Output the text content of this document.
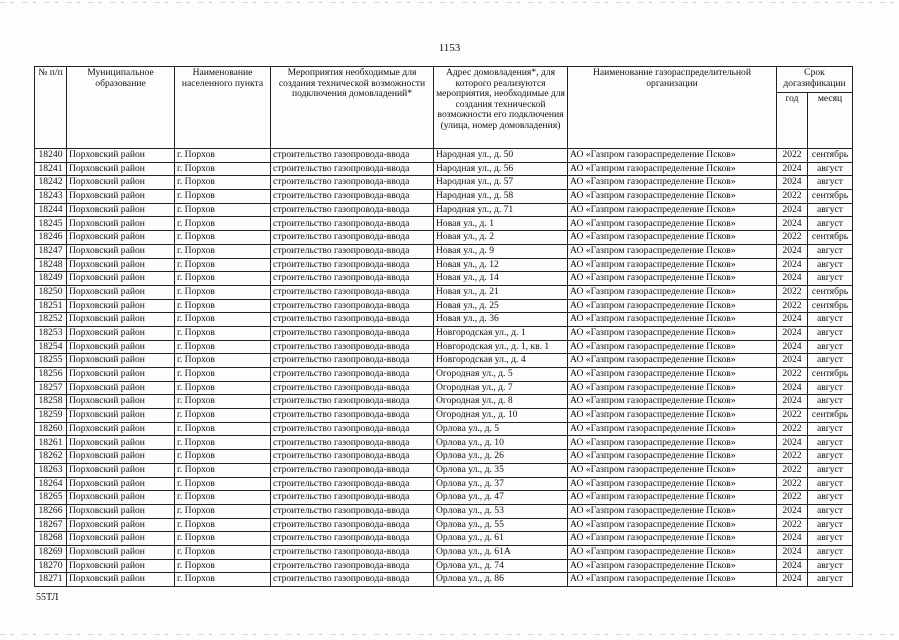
1153
№ п/п	Муниципальное образование	Наименование населенного пункта	Мероприятия необходимые для создания технической возможности подключения домовладений*	Адрес домовладения*, для которого реализуются мероприятия, необходимые для создания технической возможности его подключения (улица, номер домовладения)	Наименование газораспределительной организации	Срок догазификации	
						год	месяц
18240	Порховский район	г. Порхов	строительство газопровода-ввода	Народная ул., д. 50	АО «Газпром газораспределение Псков»	2022	сентябрь
18241	Порховский район	г. Порхов	строительство газопровода-ввода	Народная ул., д. 56	АО «Газпром газораспределение Псков»	2024	август
18242	Порховский район	г. Порхов	строительство газопровода-ввода	Народная ул., д. 57	АО «Газпром газораспределение Псков»	2024	август
18243	Порховский район	г. Порхов	строительство газопровода-ввода	Народная ул., д. 58	АО «Газпром газораспределение Псков»	2022	сентябрь
18244	Порховский район	г. Порхов	строительство газопровода-ввода	Народная ул., д. 71	АО «Газпром газораспределение Псков»	2024	август
18245	Порховский район	г. Порхов	строительство газопровода-ввода	Новая ул., д. 1	АО «Газпром газораспределение Псков»	2024	август
18246	Порховский район	г. Порхов	строительство газопровода-ввода	Новая ул., д. 2	АО «Газпром газораспределение Псков»	2022	сентябрь
18247	Порховский район	г. Порхов	строительство газопровода-ввода	Новая ул., д. 9	АО «Газпром газораспределение Псков»	2024	август
18248	Порховский район	г. Порхов	строительство газопровода-ввода	Новая ул., д. 12	АО «Газпром газораспределение Псков»	2024	август
18249	Порховский район	г. Порхов	строительство газопровода-ввода	Новая ул., д. 14	АО «Газпром газораспределение Псков»	2024	август
18250	Порховский район	г. Порхов	строительство газопровода-ввода	Новая ул., д. 21	АО «Газпром газораспределение Псков»	2022	сентябрь
18251	Порховский район	г. Порхов	строительство газопровода-ввода	Новая ул., д. 25	АО «Газпром газораспределение Псков»	2022	сентябрь
18252	Порховский район	г. Порхов	строительство газопровода-ввода	Новая ул., д. 36	АО «Газпром газораспределение Псков»	2024	август
18253	Порховский район	г. Порхов	строительство газопровода-ввода	Новгородская ул., д. 1	АО «Газпром газораспределение Псков»	2024	август
18254	Порховский район	г. Порхов	строительство газопровода-ввода	Новгородская ул., д. 1, кв. 1	АО «Газпром газораспределение Псков»	2024	август
18255	Порховский район	г. Порхов	строительство газопровода-ввода	Новгородская ул., д. 4	АО «Газпром газораспределение Псков»	2024	август
18256	Порховский район	г. Порхов	строительство газопровода-ввода	Огородная ул., д. 5	АО «Газпром газораспределение Псков»	2022	сентябрь
18257	Порховский район	г. Порхов	строительство газопровода-ввода	Огородная ул., д. 7	АО «Газпром газораспределение Псков»	2024	август
18258	Порховский район	г. Порхов	строительство газопровода-ввода	Огородная ул., д. 8	АО «Газпром газораспределение Псков»	2024	август
18259	Порховский район	г. Порхов	строительство газопровода-ввода	Огородная ул., д. 10	АО «Газпром газораспределение Псков»	2022	сентябрь
18260	Порховский район	г. Порхов	строительство газопровода-ввода	Орлова ул., д. 5	АО «Газпром газораспределение Псков»	2022	август
18261	Порховский район	г. Порхов	строительство газопровода-ввода	Орлова ул., д. 10	АО «Газпром газораспределение Псков»	2024	август
18262	Порховский район	г. Порхов	строительство газопровода-ввода	Орлова ул., д. 26	АО «Газпром газораспределение Псков»	2022	август
18263	Порховский район	г. Порхов	строительство газопровода-ввода	Орлова ул., д. 35	АО «Газпром газораспределение Псков»	2022	август
18264	Порховский район	г. Порхов	строительство газопровода-ввода	Орлова ул., д. 37	АО «Газпром газораспределение Псков»	2022	август
18265	Порховский район	г. Порхов	строительство газопровода-ввода	Орлова ул., д. 47	АО «Газпром газораспределение Псков»	2022	август
18266	Порховский район	г. Порхов	строительство газопровода-ввода	Орлова ул., д. 53	АО «Газпром газораспределение Псков»	2024	август
18267	Порховский район	г. Порхов	строительство газопровода-ввода	Орлова ул., д. 55	АО «Газпром газораспределение Псков»	2022	август
18268	Порховский район	г. Порхов	строительство газопровода-ввода	Орлова ул., д. 61	АО «Газпром газораспределение Псков»	2024	август
18269	Порховский район	г. Порхов	строительство газопровода-ввода	Орлова ул., д. 61А	АО «Газпром газораспределение Псков»	2024	август
18270	Порховский район	г. Порхов	строительство газопровода-ввода	Орлова ул., д. 74	АО «Газпром газораспределение Псков»	2024	август
18271	Порховский район	г. Порхов	строительство газопровода-ввода	Орлова ул., д. 86	АО «Газпром газораспределение Псков»	2024	август
55ТЛ
